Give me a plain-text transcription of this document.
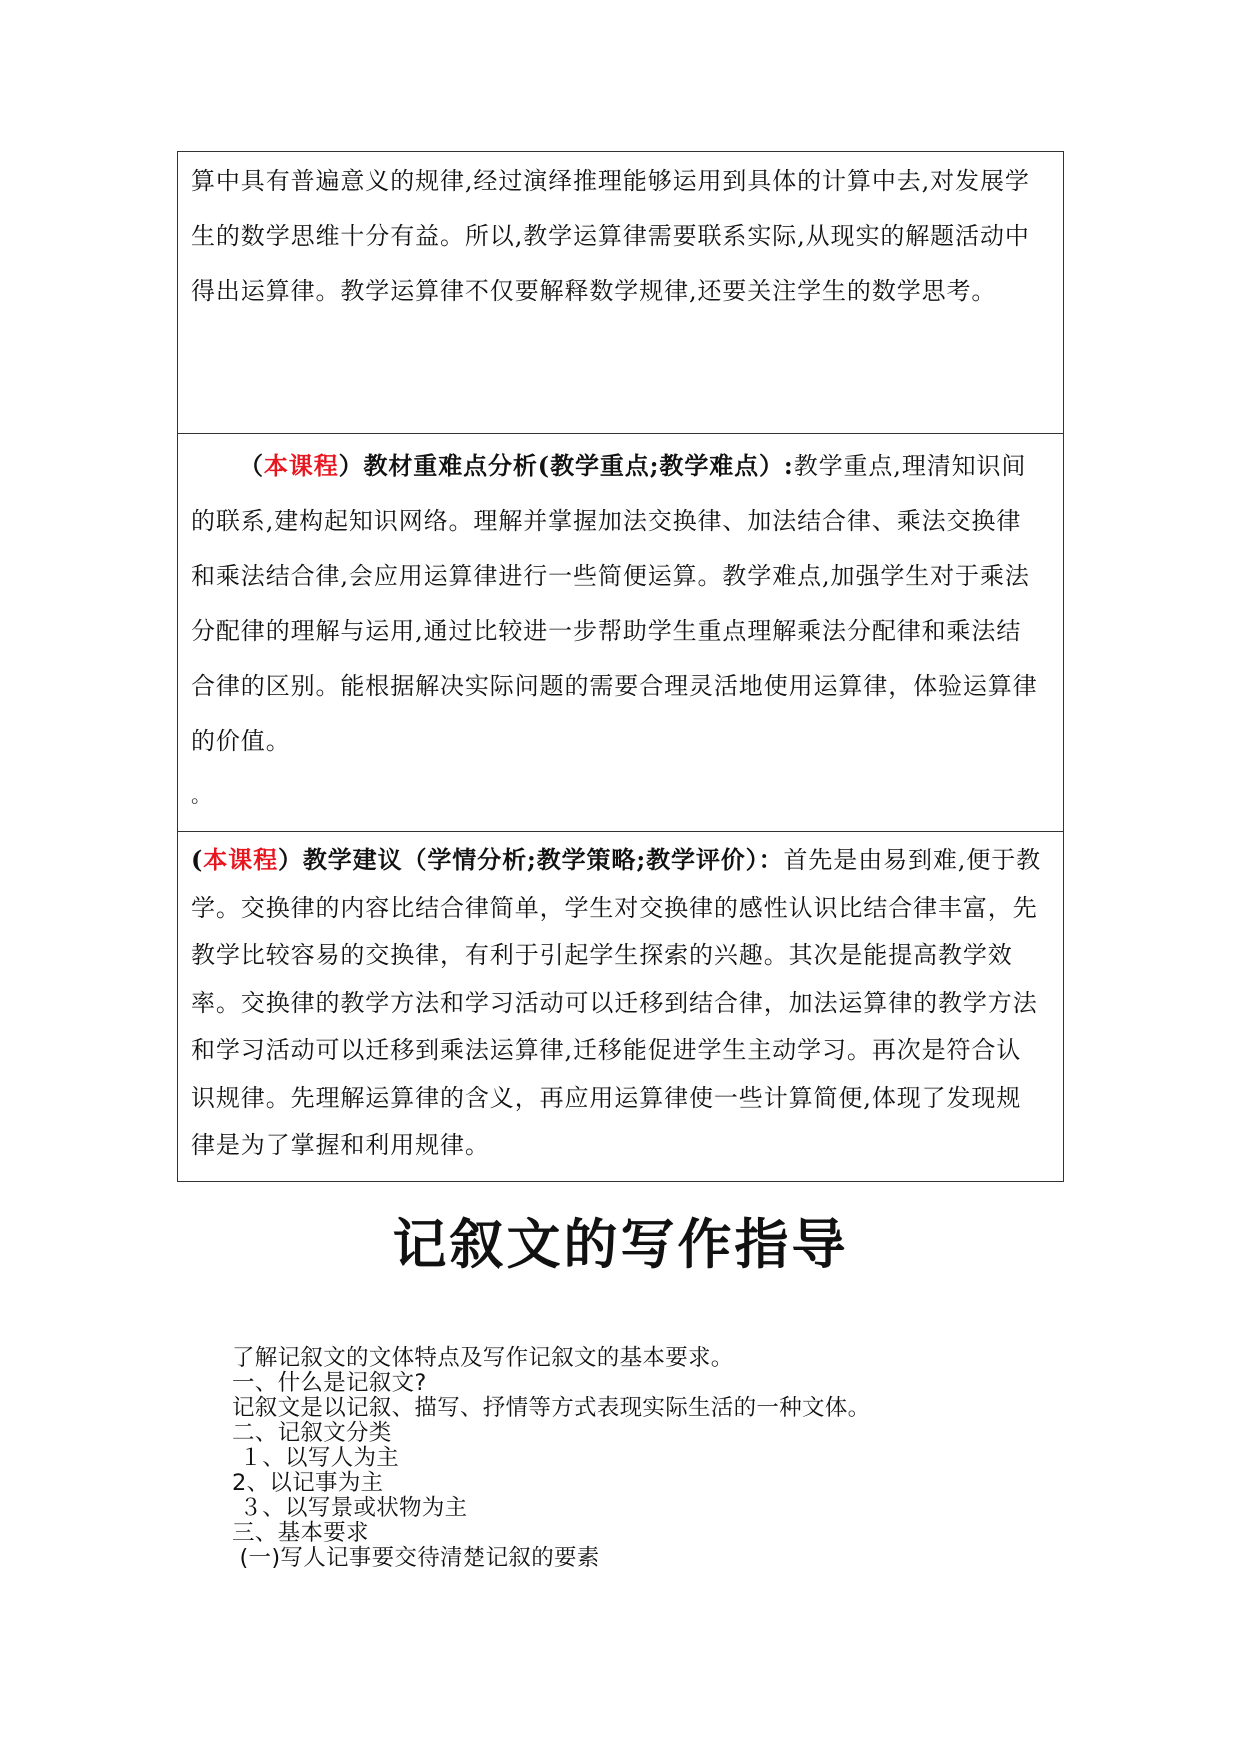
算中具有普遍意义的规律,经过演绎推理能够运用到具体的计算中去,对发展学生的数学思维十分有益。所以,教学运算律需要联系实际,从现实的解题活动中得出运算律。教学运算律不仅要解释数学规律,还要关注学生的数学思考。

（本课程）教材重难点分析(教学重点;教学难点）:教学重点,理清知识间的联系,建构起知识网络。理解并掌握加法交换律、加法结合律、乘法交换律和乘法结合律,会应用运算律进行一些简便运算。教学难点,加强学生对于乘法分配律的理解与运用,通过比较进一步帮助学生重点理解乘法分配律和乘法结合律的区别。能根据解决实际问题的需要合理灵活地使用运算律，体验运算律的价值。

。

(本课程）教学建议（学情分析;教学策略;教学评价）：首先是由易到难,便于教学。交换律的内容比结合律简单，学生对交换律的感性认识比结合律丰富，先教学比较容易的交换律，有利于引起学生探索的兴趣。其次是能提高教学效率。交换律的教学方法和学习活动可以迁移到结合律，加法运算律的教学方法和学习活动可以迁移到乘法运算律,迁移能促进学生主动学习。再次是符合认识规律。先理解运算律的含义，再应用运算律使一些计算简便,体现了发现规律是为了掌握和利用规律。

记叙文的写作指导
了解记叙文的文体特点及写作记叙文的基本要求。
一、什么是记叙文?
记叙文是以记叙、描写、抒情等方式表现实际生活的一种文体。
二、记叙文分类
１、以写人为主
2、以记事为主
３、以写景或状物为主
三、基本要求
(一)写人记事要交待清楚记叙的要素
